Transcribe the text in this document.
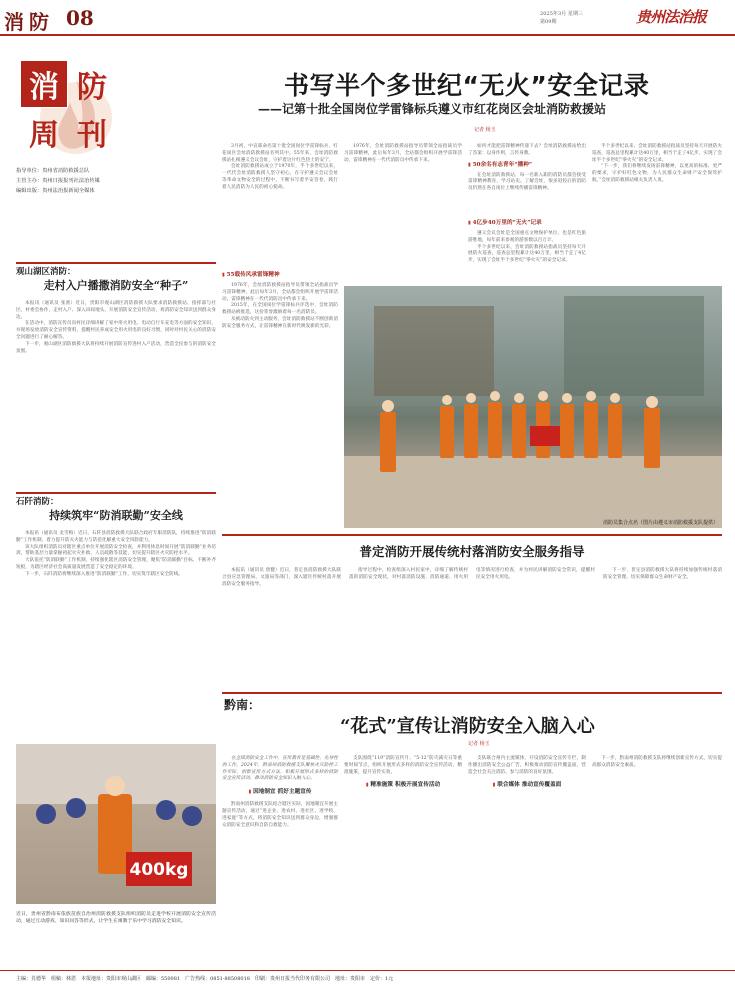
消 防 08	2025年3月 星期三
第09期	贵州法治报
消 防
周 刊
指导单位：贵州省消防救援总队
主管主办：贵州日报报刊社法治传媒
编辑出版：贵州法治报新闻全媒体
书写半个多世纪“无火”安全记录
——记第十批全国岗位学雷锋标兵遵义市红花岗区会址消防救援站
记者 杨玉
观山湖区消防：
走村入户播撒消防安全“种子”

本报讯（通讯员 张蕾）近日，贵阳市观山湖区消防救援大队要求消防救援站、指挥部与社区、村委会协作，走村入户、深入田间地头，开展消防安全宣传活动，将消防安全知识送到群众身边。

在活动中，消防宣传员向村民详细讲解了家中用火用电、电动自行车充电等方面的安全知识，并现场发放消防安全宣传资料，提醒村民养成安全用火用电的良好习惯，同时对村民关心的消防安全问题进行了耐心解答。

下一步，观山湖区消防救援大队将持续开展消防宣传进村入户活动，营造全民参与的消防安全氛围。

石阡消防：
持续筑牢“防消联勤”安全线

本报讯（通讯员 龙雪梅）近日，石阡县消防救援大队联合政府专职消防队，持续推进“防消联勤”工作机制，着力提升防灭火能力与防范化解重大安全风险能力。

该大队组织消防员对辖区重点单位开展消防安全检查，并利用休息时间开展“防消联勤”业务培训，帮助基层力量掌握初起火灾扑救、人员疏散等技能，切实提升辖区火灾防控水平。

大队依托“防消联勤”工作机制，持续强化辖区消防安全管理，聚焦“防消联勤”目标，不断补齐短板，为辖区经济社会高质量发展营造了安全稳定的环境。

下一步，石阡消防将继续深入推进“防消联勤”工作，切实筑牢辖区安全防线。

3月初，中宣部命名第十批全国岗位学雷锋标兵，红花岗区会址消防救援站名列其中。55年来，会址消防救援站扎根遵义会议会址，守护着这片红色热土的安宁。

会址消防救援站成立于1970年，半个多世纪以来，一代代会址消防救援人坚守初心，在守护遵义会议会址等革命文物安全的过程中，不断书写着平安答卷，践行着人民消防为人民的初心使命。

▮ 55载传风承雷锋精神

1976年，会址消防救援站指导员带领全站指战员学习雷锋精神，此后每年3月，全站都会组织开展学雷锋活动，雷锋精神在一代代消防员中传承下来。

2015年，在全国岗位学雷锋标兵评选中，会址消防救援站被推选，这份荣誉激励着每一名消防员。

从被动防火到主动服务，会址消防救援站不断创新消防安全服务方式，让雷锋精神在新时代焕发新的光彩。

1976年，会址消防救援站指导员带领全站指战员学习雷锋精神，此后每年3月，全站都会组织开展学雷锋活动，雷锋精神在一代代消防员中传承下来。

如何才能把雷锋精神传递下去？会址消防救援站给出了答案：以身作则，言传身教。

▮ 50余名有志青年“播种”

在会址消防救援站，每一名新入职的消防员都会接受雷锋精神教育，学习站史、了解会址，很多退役后的消防员仍然在各自岗位上继续传播雷锋精神。

▮ 4亿步40万里的“无火”记录

遵义会议会址是全国重点文物保护单位，也是红色旅游胜地，每年前来参观的游客数以百万计。

半个多世纪以来，会址消防救援站指战员坚持每天开展防火巡查，巡查总里程累计达40万里，相当于走了4亿步，实现了会址半个多世纪“零火灾”的安全记录。

半个多世纪以来，会址消防救援站指战员坚持每天开展防火巡查，巡查总里程累计达40万里，相当于走了4亿步，实现了会址半个多世纪“零火灾”的安全记录。

“下一步，我们将继续发扬雷锋精神，以更高的标准、更严的要求，守护好红色文物，为人民群众生命财产安全保驾护航。”会址消防救援站相关负责人说。

消防员集合点名（图片由遵义市消防救援支队提供）
普定消防开展传统村落消防安全服务指导

本报讯（通讯员 唐健）近日，普定县消防救援大队联合县应急管理局、文旅局等部门，深入辖区传统村落开展消防安全服务指导。

指导过程中，检查组深入村民家中，详细了解传统村落的消防安全现状，对村落消防设施、消防通道、用火用电等情况进行检查，并为村民讲解消防安全常识，提醒村民安全用火用电。

下一步，普定县消防救援大队将持续加强传统村落消防安全管理，切实保障群众生命财产安全。

黔南：
“花式”宣传让消防安全入脑入心
记者 杨玉
400kg
近日，贵州省黔南布依族苗族自治州消防救援支队组织消防员走进学校开展消防安全宣传活动，通过互动游戏、知识问答等形式，让学生在寓教于乐中学习消防安全知识。

在全国消防安全工作中，宣传教育是基础性、先导性的工作。2024年，黔南州消防救援支队聚焦火灾防控工作实际，创新宣传方式方法，积极开展形式多样的消防安全宣传活动，推动消防安全知识入脑入心。

▮ 因地制宜 抓好主题宣传

黔南州消防救援支队结合辖区实际，因地制宜开展主题宣传活动，通过“进企业、进农村、进社区、进学校、进家庭”等方式，将消防安全知识送到群众身边，增强群众消防安全意识和自防自救能力。

支队围绕“119”消防宣传月、“5·12”防灾减灾日等重要时间节点，组织开展形式多样的消防安全宣传活动，精准施策，提升宣传实效。

▮ 精准施策 积极开展宣传活动

支队联合州内主流媒体，开设消防安全宣传专栏，制作播出消防安全公益广告，积极推动消防宣传覆盖面，营造全社会关注消防、参与消防的良好氛围。

▮ 联合媒体 推动宣传覆盖面

下一步，黔南州消防救援支队将继续创新宣传方式，切实提高群众消防安全素质。

主编：肖德华　组稿：林恩　本报地址：贵阳市观山湖区　邮编：550081　广告热线：0851-88508018　印刷：贵州日报当代印务有限公司　地址：贵阳市　定价：1元
